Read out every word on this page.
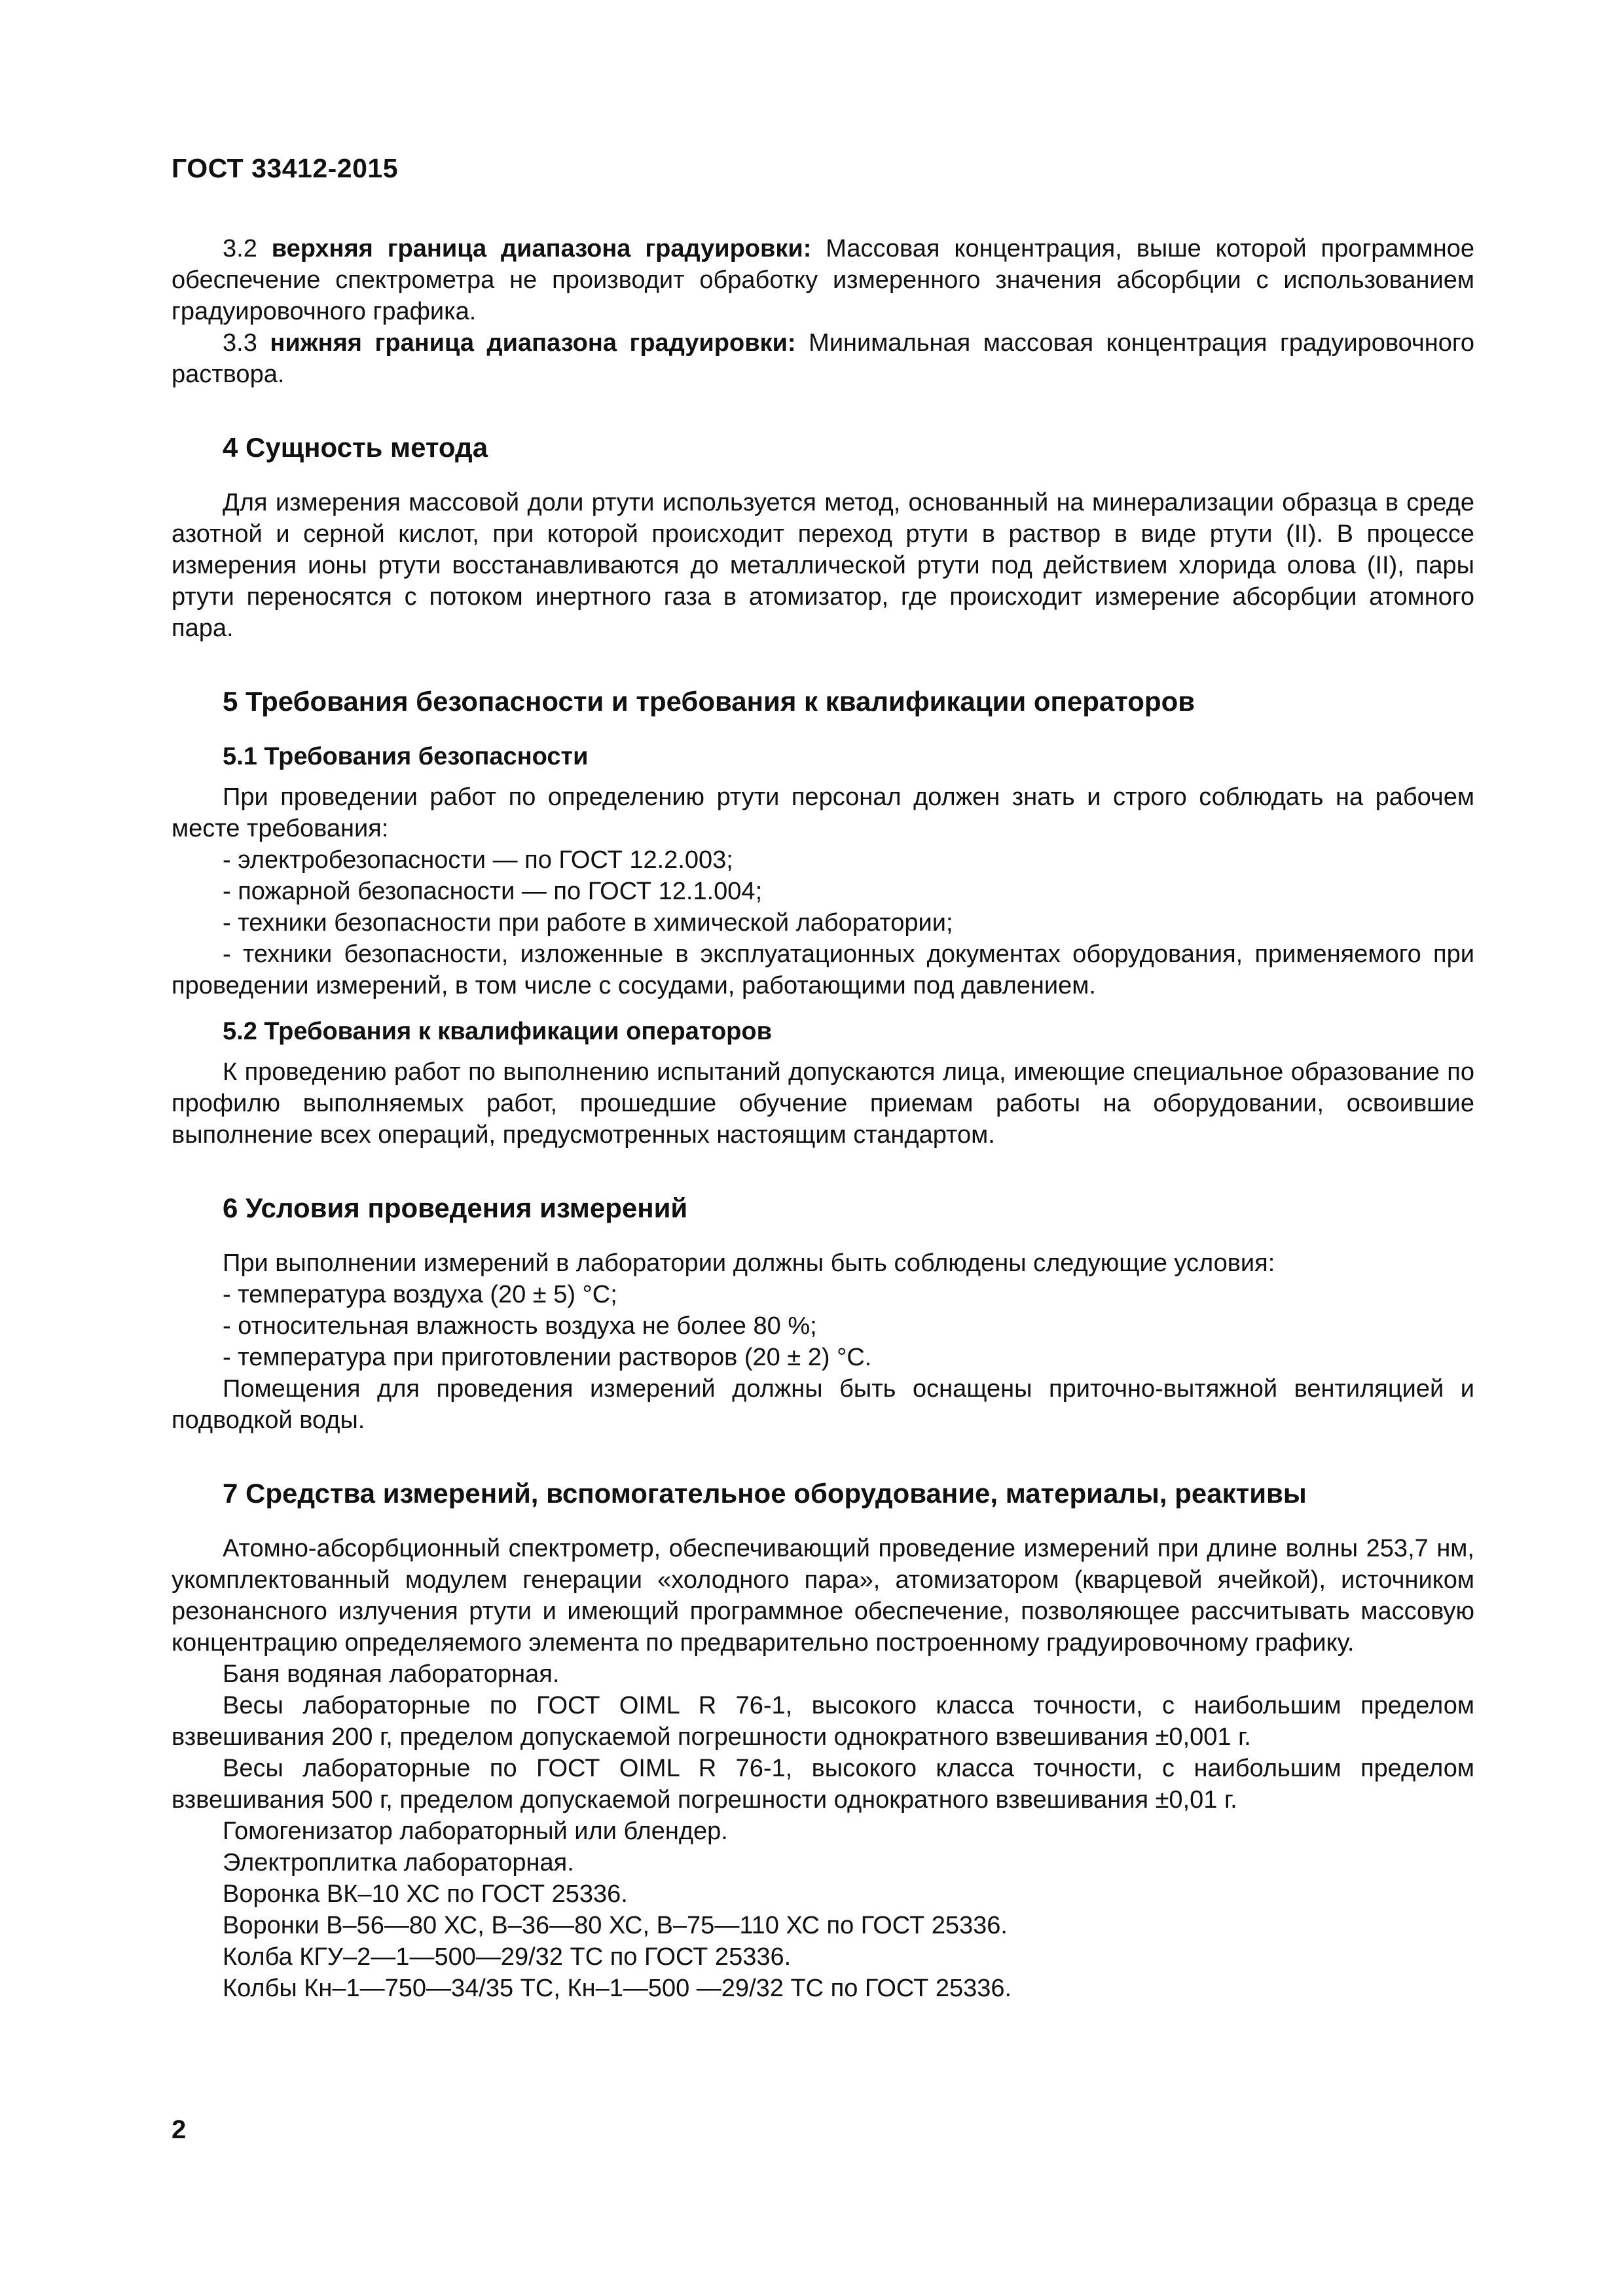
ГОСТ 33412-2015

3.2 верхняя граница диапазона градуировки: Массовая концентрация, выше которой программное обеспечение спектрометра не производит обработку измеренного значения абсорбции с использованием градуировочного графика.

3.3 нижняя граница диапазона градуировки: Минимальная массовая концентрация градуировочного раствора.

4 Сущность метода

Для измерения массовой доли ртути используется метод, основанный на минерализации образца в среде азотной и серной кислот, при которой происходит переход ртути в раствор в виде ртути (II). В процессе измерения ионы ртути восстанавливаются до металлической ртути под действием хлорида олова (II), пары ртути переносятся с потоком инертного газа в атомизатор, где происходит измерение абсорбции атомного пара.

5 Требования безопасности и требования к квалификации операторов
5.1 Требования безопасности

При проведении работ по определению ртути персонал должен знать и строго соблюдать на рабочем месте требования:

- электробезопасности — по ГОСТ 12.2.003;

- пожарной безопасности — по ГОСТ 12.1.004;

- техники безопасности при работе в химической лаборатории;

- техники безопасности, изложенные в эксплуатационных документах оборудования, применяемого при проведении измерений, в том числе с сосудами, работающими под давлением.

5.2 Требования к квалификации операторов

К проведению работ по выполнению испытаний допускаются лица, имеющие специальное образование по профилю выполняемых работ, прошедшие обучение приемам работы на оборудовании, освоившие выполнение всех операций, предусмотренных настоящим стандартом.

6 Условия проведения измерений

При выполнении измерений в лаборатории должны быть соблюдены следующие условия:

- температура воздуха (20 ± 5) °С;

- относительная влажность воздуха не более 80 %;

- температура при приготовлении растворов (20 ± 2) °С.

Помещения для проведения измерений должны быть оснащены приточно-вытяжной вентиляцией и подводкой воды.

7 Средства измерений, вспомогательное оборудование, материалы, реактивы

Атомно-абсорбционный спектрометр, обеспечивающий проведение измерений при длине волны 253,7 нм, укомплектованный модулем генерации «холодного пара», атомизатором (кварцевой ячейкой), источником резонансного излучения ртути и имеющий программное обеспечение, позволяющее рассчитывать массовую концентрацию определяемого элемента по предварительно построенному градуировочному графику.

Баня водяная лабораторная.

Весы лабораторные по ГОСТ OIML R 76-1, высокого класса точности, с наибольшим пределом взвешивания 200 г, пределом допускаемой погрешности однократного взвешивания ±0,001 г.

Весы лабораторные по ГОСТ OIML R 76-1, высокого класса точности, с наибольшим пределом взвешивания 500 г, пределом допускаемой погрешности однократного взвешивания ±0,01 г.

Гомогенизатор лабораторный или блендер.

Электроплитка лабораторная.

Воронка ВК–10 ХС по ГОСТ 25336.

Воронки В–56—80 ХС, В–36—80 ХС, В–75—110 ХС по ГОСТ 25336.

Колба КГУ–2—1—500—29/32 ТС по ГОСТ 25336.

Колбы Кн–1—750—34/35 ТС, Кн–1—500 —29/32 ТС по ГОСТ 25336.

2
